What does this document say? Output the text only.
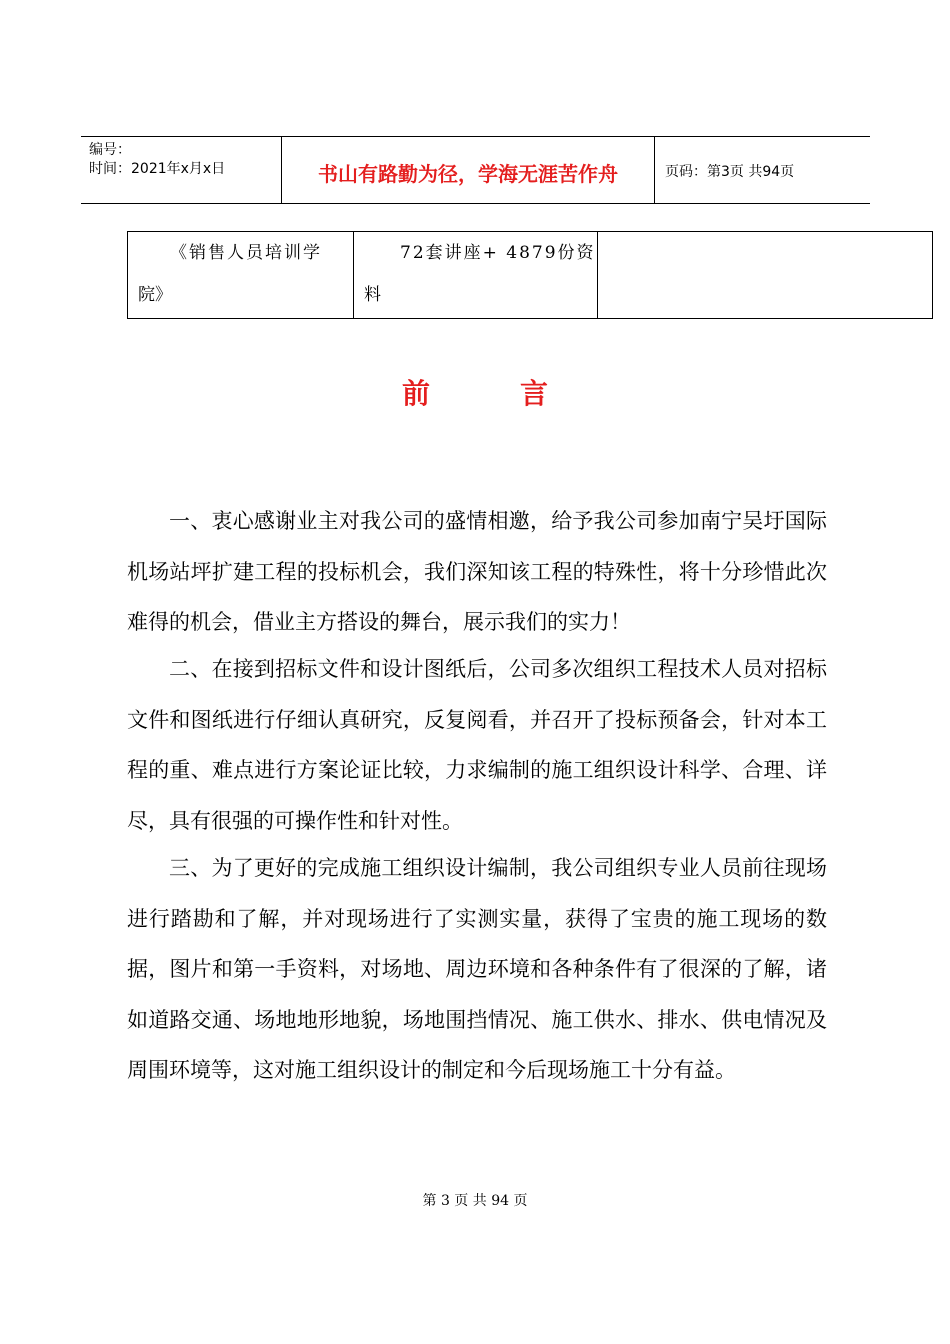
编号：
时间：2021年x月x日	书山有路勤为径，学海无涯苦作舟	页码：第3页 共94页
《销售人员培训学
院》
72套讲座+ 4879份资
料
前言
一、衷心感谢业主对我公司的盛情相邀，给予我公司参加南宁吴圩国际机场站坪扩建工程的投标机会，我们深知该工程的特殊性，将十分珍惜此次难得的机会，借业主方搭设的舞台，展示我们的实力！
二、在接到招标文件和设计图纸后，公司多次组织工程技术人员对招标文件和图纸进行仔细认真研究，反复阅看，并召开了投标预备会，针对本工程的重、难点进行方案论证比较，力求编制的施工组织设计科学、合理、详尽，具有很强的可操作性和针对性。
三、为了更好的完成施工组织设计编制，我公司组织专业人员前往现场进行踏勘和了解，并对现场进行了实测实量，获得了宝贵的施工现场的数据，图片和第一手资料，对场地、周边环境和各种条件有了很深的了解，诸如道路交通、场地地形地貌，场地围挡情况、施工供水、排水、供电情况及周围环境等，这对施工组织设计的制定和今后现场施工十分有益。
第 3 页 共 94 页
